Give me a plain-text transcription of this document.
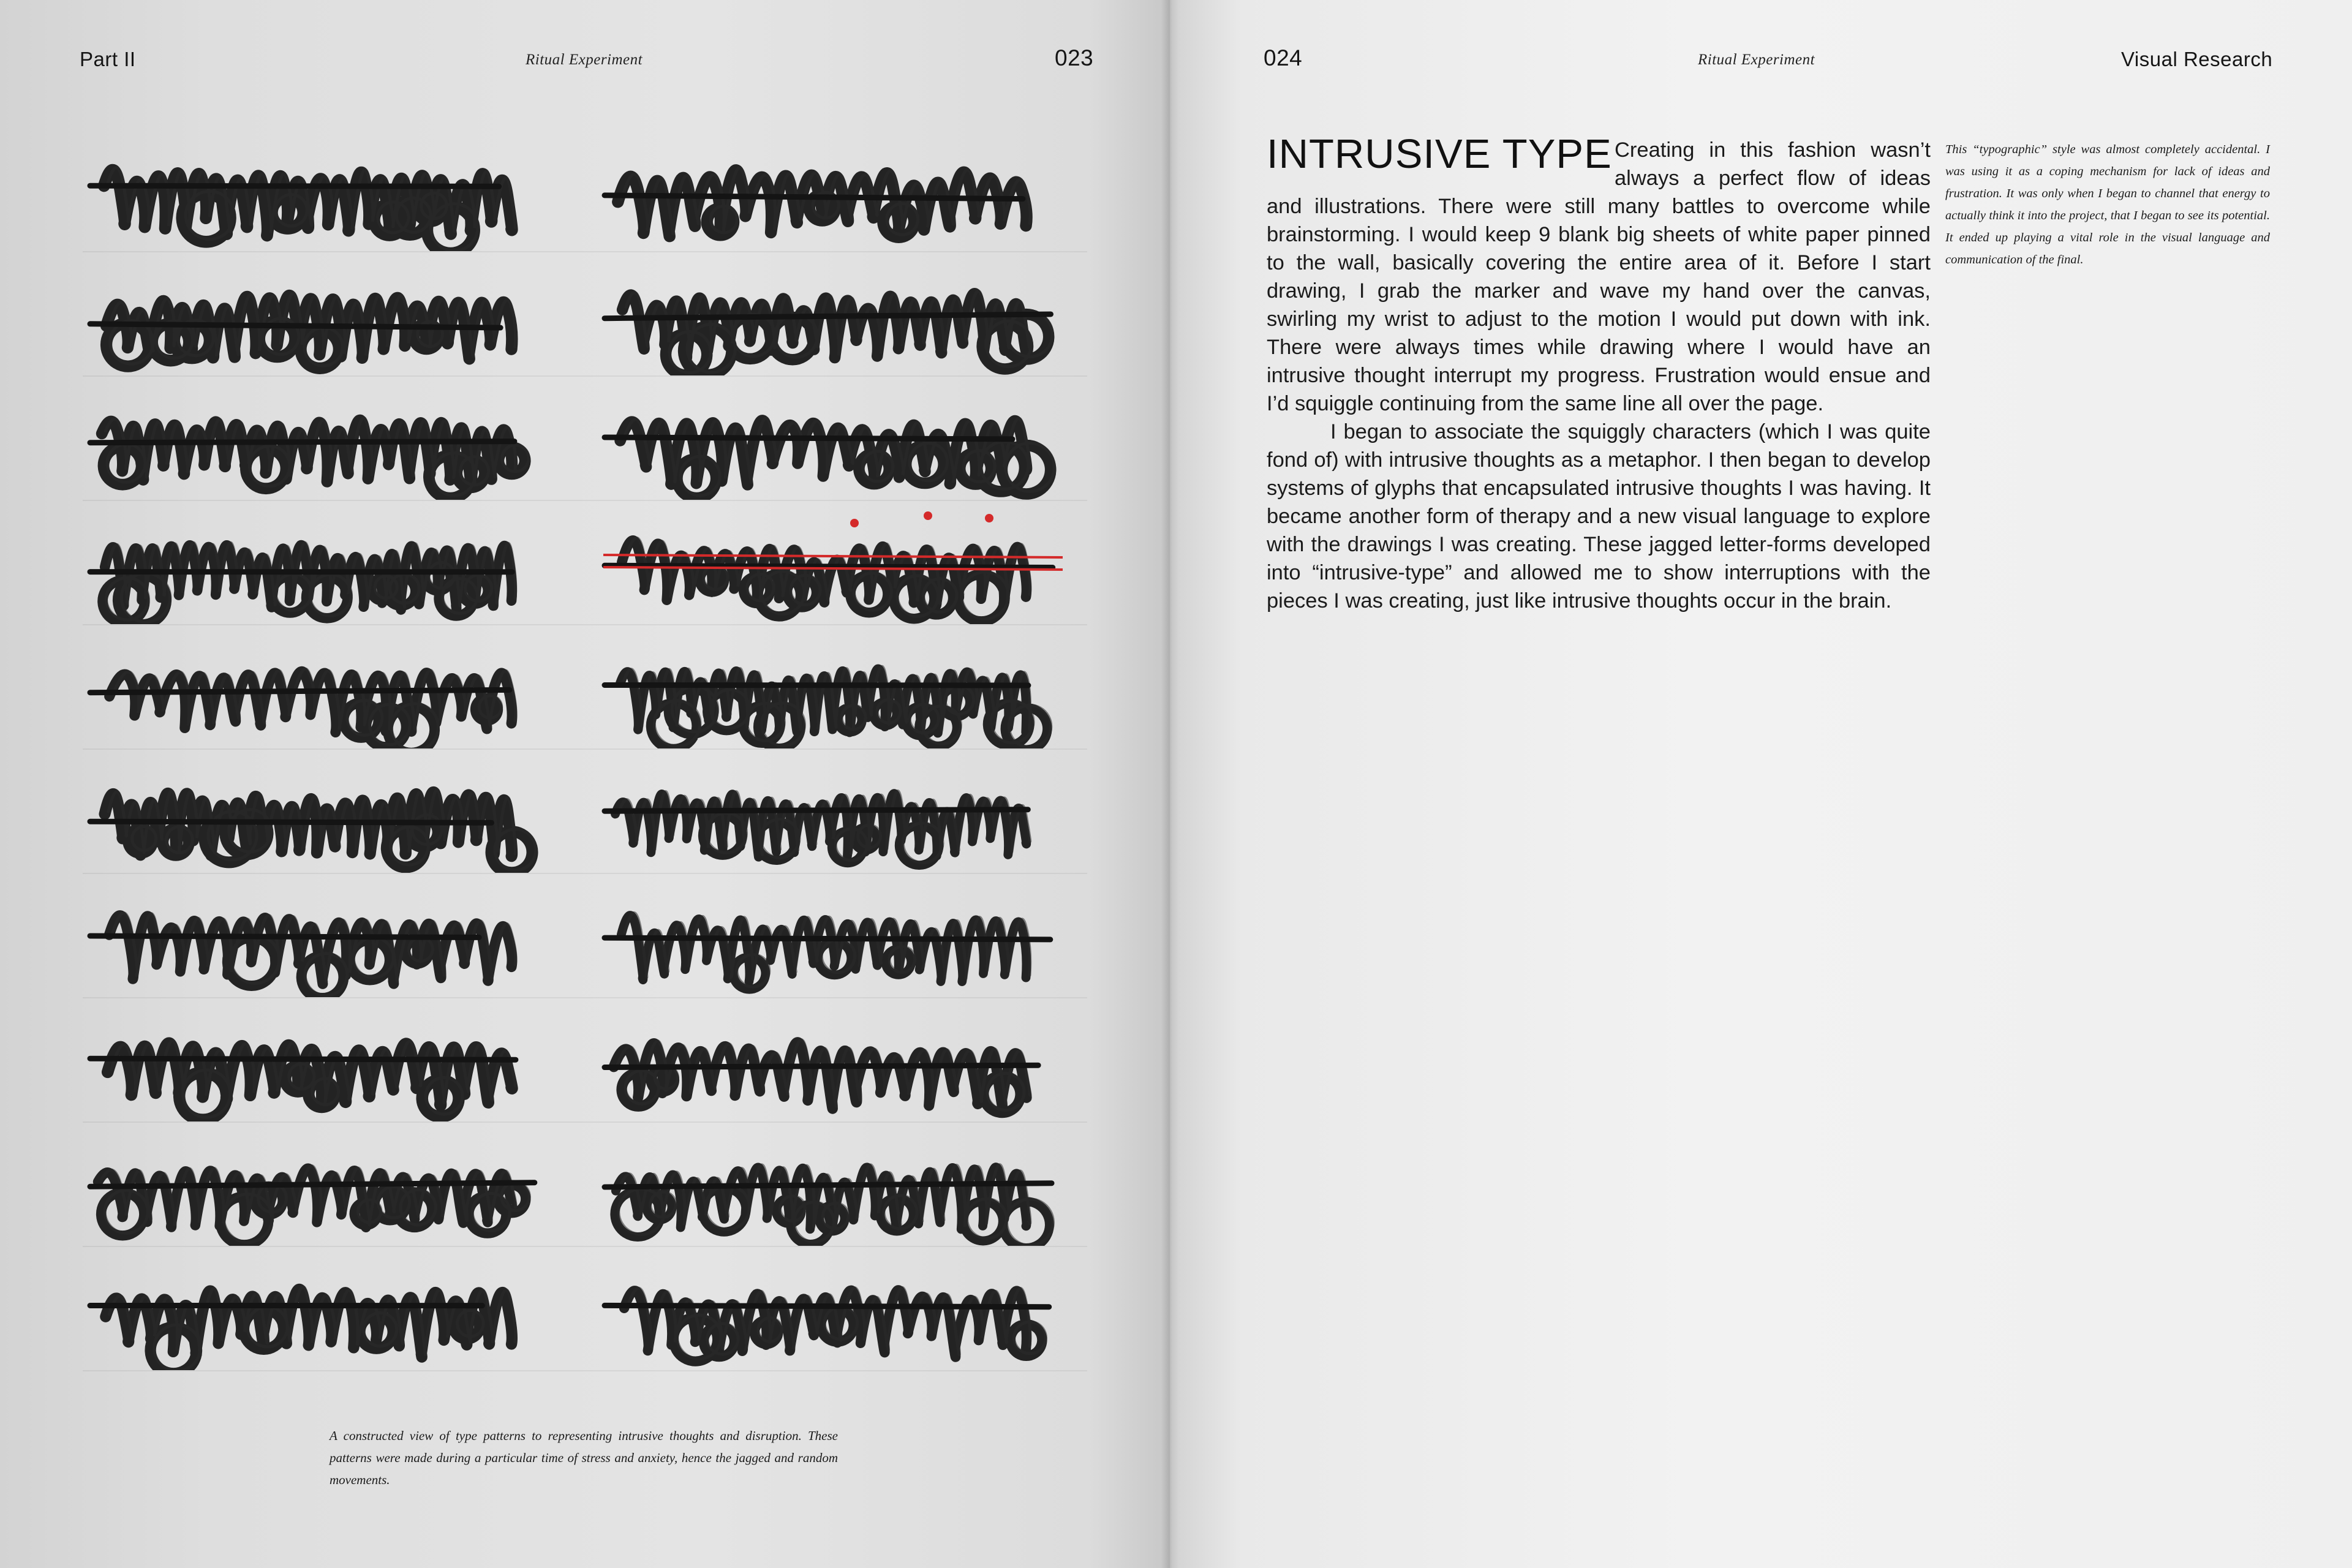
Part II	Ritual Experiment	023
A constructed view of type patterns to representing intrusive thoughts and disruption. These patterns were made during a particular time of stress and anxiety, hence the jagged and random movements.
024	Ritual Experiment	Visual Research
INTRUSIVE TYPE Creating in this fashion wasn’t always a perfect flow of ideas and illustrations. There were still many battles to overcome while brainstorming. I would keep 9 blank big sheets of white paper pinned to the wall, basically covering the entire area of it. Before I start drawing, I grab the marker and wave my hand over the canvas, swirling my wrist to adjust to the motion I would put down with ink. There were always times while drawing where I would have an intrusive thought interrupt my progress. Frustration would ensue and I’d squiggle continuing from the same line all over the page.

I began to associate the squiggly characters (which I was quite fond of) with intrusive thoughts as a metaphor. I then began to develop systems of glyphs that encapsulated intrusive thoughts I was having. It became another form of therapy and a new visual language to explore with the drawings I was creating. These jagged letter-forms developed into “intrusive-type” and allowed me to show interruptions with the pieces I was creating, just like intrusive thoughts occur in the brain.

This “typographic” style was almost completely accidental. I was using it as a coping mechanism for lack of ideas and frustration. It was only when I began to channel that energy to actually think it into the project, that I began to see its potential. It ended up playing a vital role in the visual language and communication of the final.
